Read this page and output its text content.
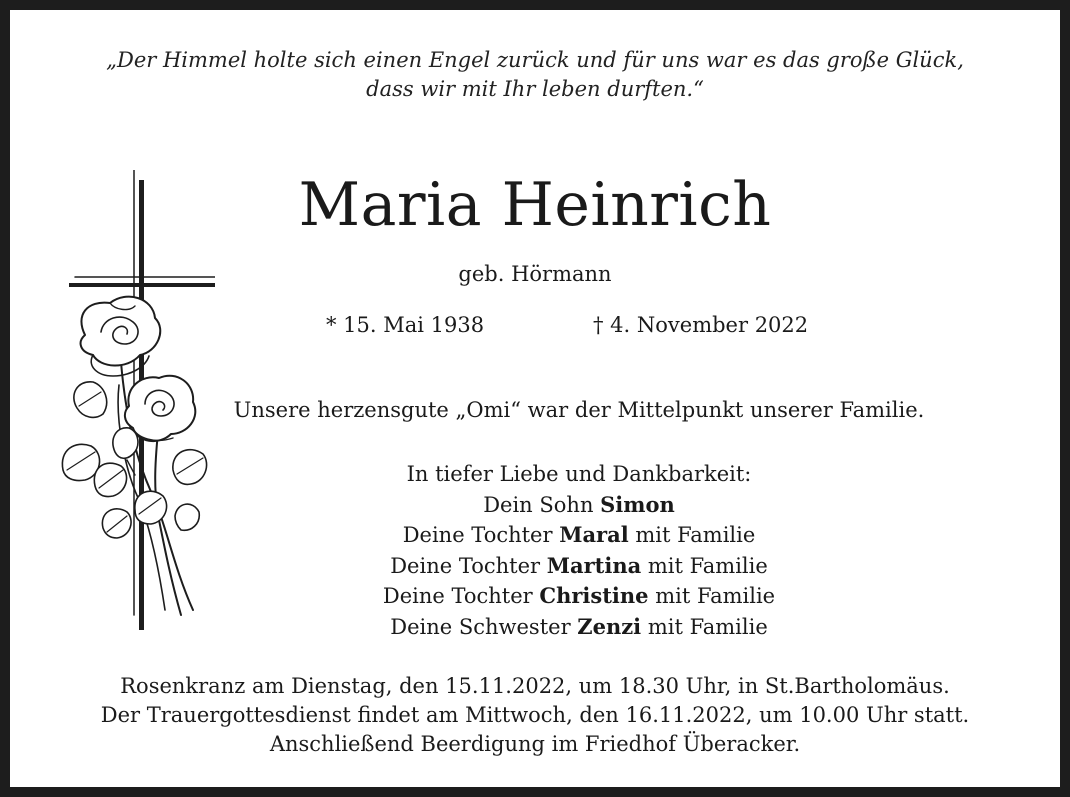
„Der Himmel holte sich einen Engel zurück und für uns war es das große Glück,
dass wir mit Ihr leben durften.“
Maria Heinrich
geb. Hörmann
* 15. Mai 1938	† 4. November 2022
Unsere herzensgute „Omi“ war der Mittelpunkt unserer Familie.
In tiefer Liebe und Dankbarkeit:
Dein Sohn Simon
Deine Tochter Maral mit Familie
Deine Tochter Martina mit Familie
Deine Tochter Christine mit Familie
Deine Schwester Zenzi mit Familie
Rosenkranz am Dienstag, den 15.11.2022, um 18.30 Uhr, in St.Bartholomäus.
Der Trauergottesdienst findet am Mittwoch, den 16.11.2022, um 10.00 Uhr statt.
Anschließend Beerdigung im Friedhof Überacker.
